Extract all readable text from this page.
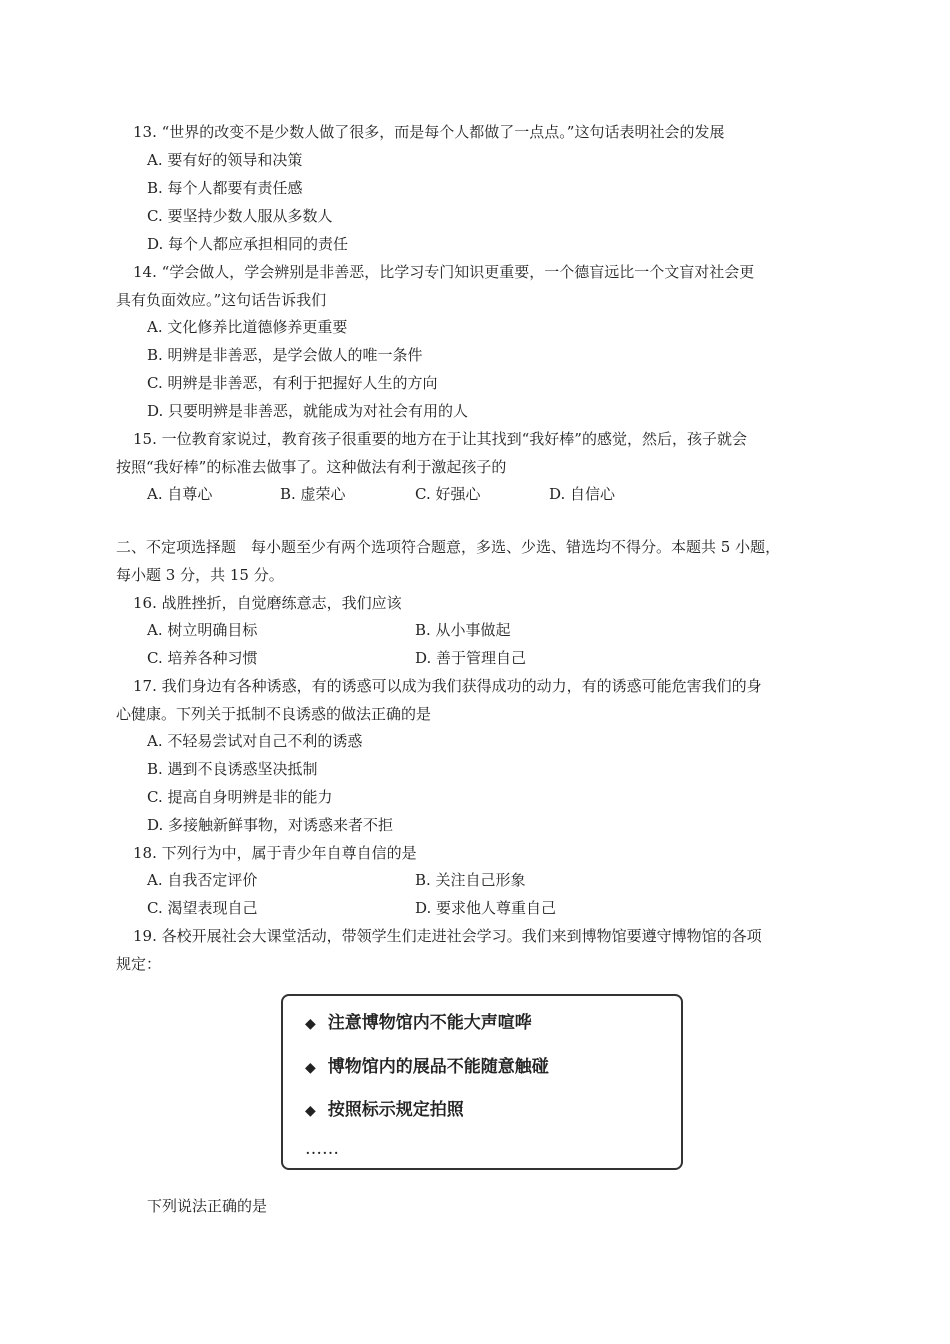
13. “世界的改变不是少数人做了很多，而是每个人都做了一点点。”这句话表明社会的发展
A. 要有好的领导和决策
B. 每个人都要有责任感
C. 要坚持少数人服从多数人
D. 每个人都应承担相同的责任
14. “学会做人，学会辨别是非善恶，比学习专门知识更重要，一个德盲远比一个文盲对社会更
具有负面效应。”这句话告诉我们
A. 文化修养比道德修养更重要
B. 明辨是非善恶，是学会做人的唯一条件
C. 明辨是非善恶，有利于把握好人生的方向
D. 只要明辨是非善恶，就能成为对社会有用的人
15. 一位教育家说过，教育孩子很重要的地方在于让其找到“我好棒”的感觉，然后，孩子就会
按照“我好棒”的标准去做事了。这种做法有利于激起孩子的
A. 自尊心	B. 虚荣心	C. 好强心	D. 自信心
二、不定项选择题　每小题至少有两个选项符合题意，多选、少选、错选均不得分。本题共 5 小题，
每小题 3 分，共 15 分。
16. 战胜挫折，自觉磨练意志，我们应该
A. 树立明确目标	B. 从小事做起
C. 培养各种习惯	D. 善于管理自己
17. 我们身边有各种诱惑，有的诱惑可以成为我们获得成功的动力，有的诱惑可能危害我们的身
心健康。下列关于抵制不良诱惑的做法正确的是
A. 不轻易尝试对自己不利的诱惑
B. 遇到不良诱惑坚决抵制
C. 提高自身明辨是非的能力
D. 多接触新鲜事物，对诱惑来者不拒
18. 下列行为中，属于青少年自尊自信的是
A. 自我否定评价	B. 关注自己形象
C. 渴望表现自己	D. 要求他人尊重自己
19. 各校开展社会大课堂活动，带领学生们走进社会学习。我们来到博物馆要遵守博物馆的各项
规定：
◆ 注意博物馆内不能大声喧哗
◆ 博物馆内的展品不能随意触碰
◆ 按照标示规定拍照
……
下列说法正确的是
